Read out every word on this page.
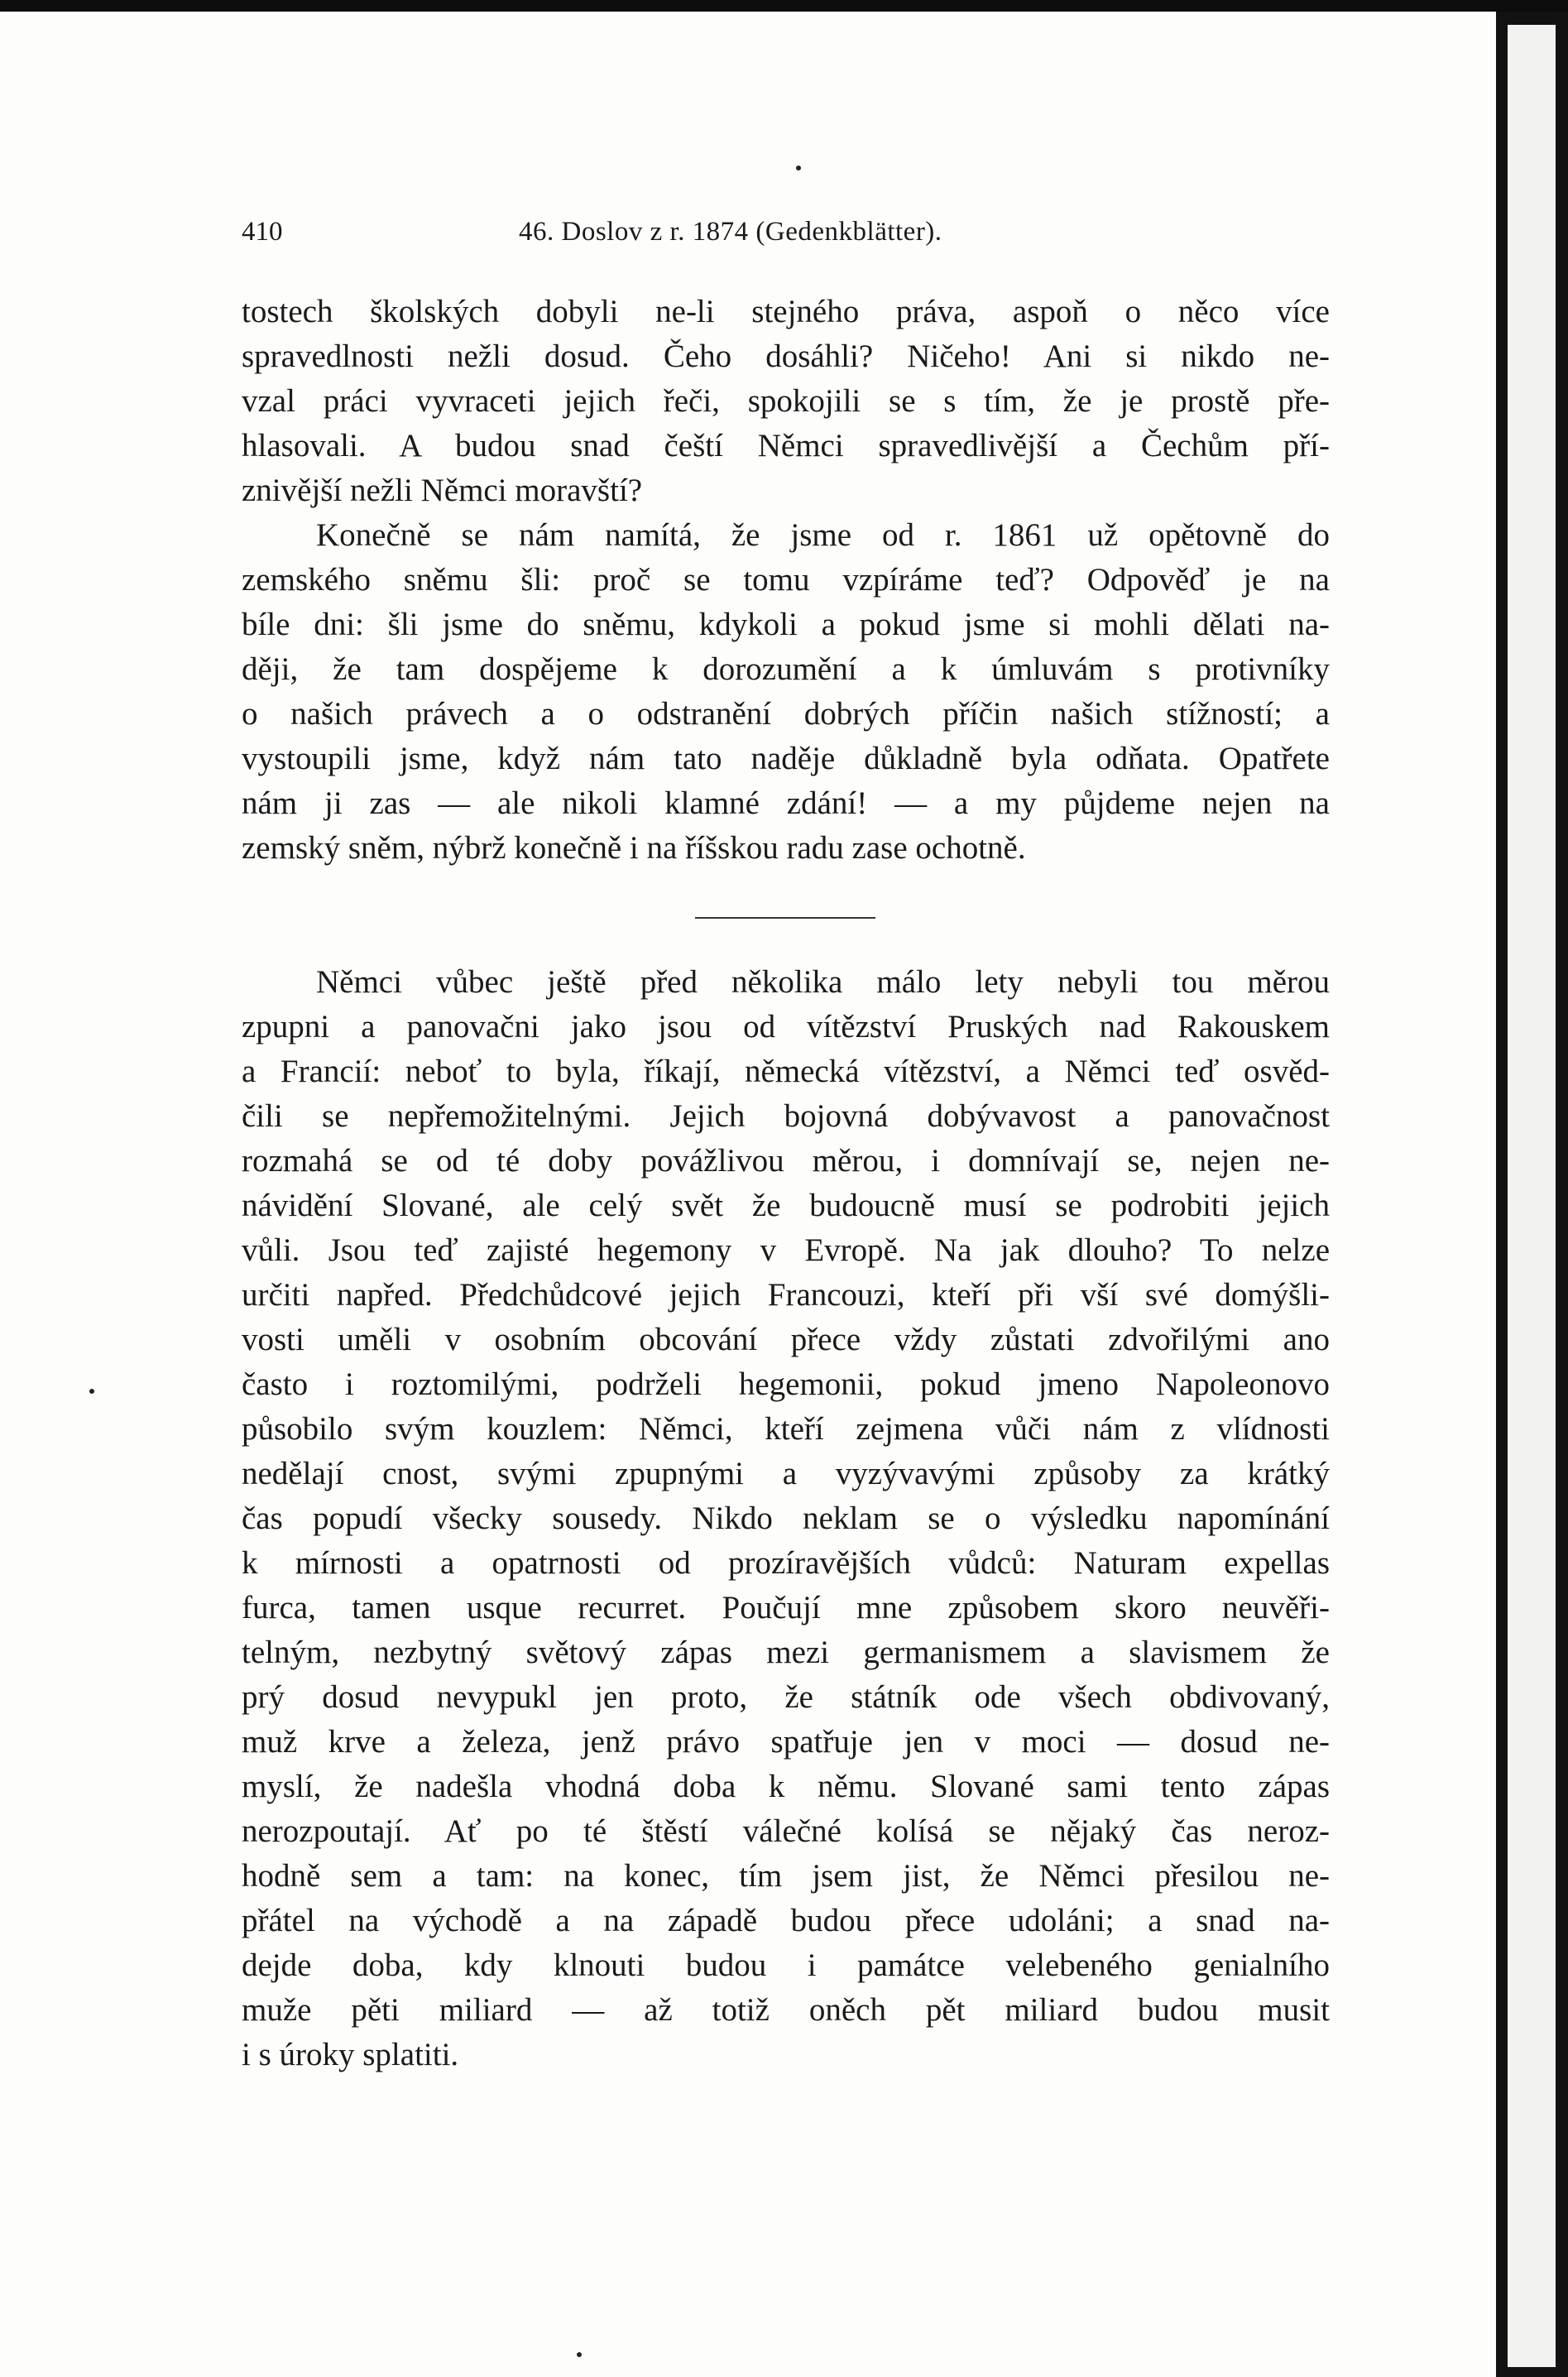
410	46. Doslov z r. 1874 (Gedenkblätter).
tostech školských dobyli ne-li stejného práva, aspoň o něco více
spravedlnosti nežli dosud. Čeho dosáhli? Ničeho! Ani si nikdo ne-
vzal práci vyvraceti jejich řeči, spokojili se s tím, že je prostě pře-
hlasovali. A budou snad čeští Němci spravedlivější a Čechům pří-
znivější nežli Němci moravští?
Konečně se nám namítá, že jsme od r. 1861 už opětovně do
zemského sněmu šli: proč se tomu vzpíráme teď? Odpověď je na
bíle dni: šli jsme do sněmu, kdykoli a pokud jsme si mohli dělati na-
ději, že tam dospějeme k dorozumění a k úmluvám s protivníky
o našich právech a o odstranění dobrých příčin našich stížností; a
vystoupili jsme, když nám tato naděje důkladně byla odňata. Opatřete
nám ji zas — ale nikoli klamné zdání! — a my půjdeme nejen na
zemský sněm, nýbrž konečně i na říšskou radu zase ochotně.
Němci vůbec ještě před několika málo lety nebyli tou měrou
zpupni a panovačni jako jsou od vítězství Pruských nad Rakouskem
a Francií: neboť to byla, říkají, německá vítězství, a Němci teď osvěd-
čili se nepřemožitelnými. Jejich bojovná dobývavost a panovačnost
rozmahá se od té doby povážlivou měrou, i domnívají se, nejen ne-
návidění Slované, ale celý svět že budoucně musí se podrobiti jejich
vůli. Jsou teď zajisté hegemony v Evropě. Na jak dlouho? To nelze
určiti napřed. Předchůdcové jejich Francouzi, kteří při vší své domýšli-
vosti uměli v osobním obcování přece vždy zůstati zdvořilými ano
často i roztomilými, podrželi hegemonii, pokud jmeno Napoleonovo
působilo svým kouzlem: Němci, kteří zejmena vůči nám z vlídnosti
nedělají cnost, svými zpupnými a vyzývavými způsoby za krátký
čas popudí všecky sousedy. Nikdo neklam se o výsledku napomínání
k mírnosti a opatrnosti od prozíravějších vůdců: Naturam expellas
furca, tamen usque recurret. Poučují mne způsobem skoro neuvěři-
telným, nezbytný světový zápas mezi germanismem a slavismem že
prý dosud nevypukl jen proto, že státník ode všech obdivovaný,
muž krve a železa, jenž právo spatřuje jen v moci — dosud ne-
myslí, že nadešla vhodná doba k němu. Slované sami tento zápas
nerozpoutají. Ať po té štěstí válečné kolísá se nějaký čas neroz-
hodně sem a tam: na konec, tím jsem jist, že Němci přesilou ne-
přátel na východě a na západě budou přece udoláni; a snad na-
dejde doba, kdy klnouti budou i památce velebeného genialního
muže pěti miliard — až totiž oněch pět miliard budou musit
i s úroky splatiti.
